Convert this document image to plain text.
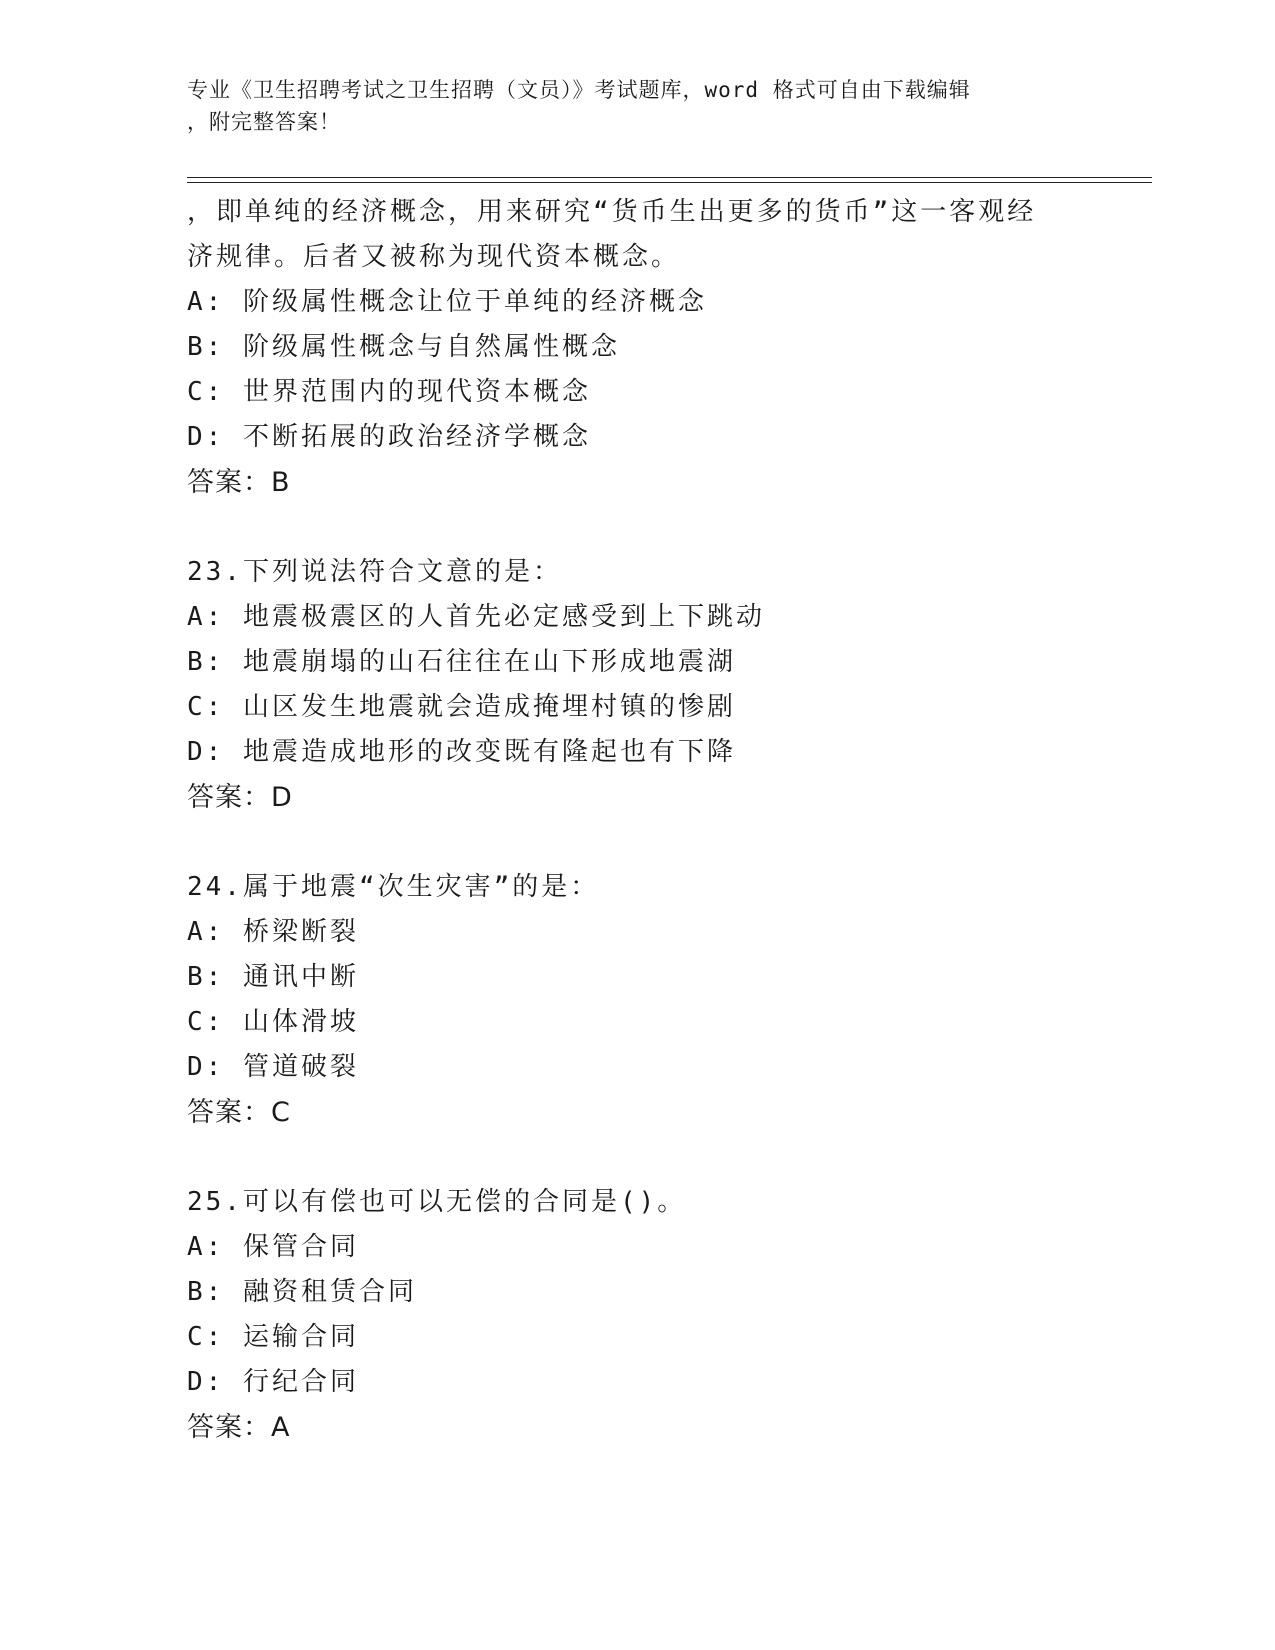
专业《卫生招聘考试之卫生招聘（文员）》考试题库，word 格式可自由下载编辑
，附完整答案！
，即单纯的经济概念，用来研究“货币生出更多的货币”这一客观经
济规律。后者又被称为现代资本概念。
A: 阶级属性概念让位于单纯的经济概念
B: 阶级属性概念与自然属性概念
C: 世界范围内的现代资本概念
D: 不断拓展的政治经济学概念
答案：B
23.下列说法符合文意的是：
A: 地震极震区的人首先必定感受到上下跳动
B: 地震崩塌的山石往往在山下形成地震湖
C: 山区发生地震就会造成掩埋村镇的惨剧
D: 地震造成地形的改变既有隆起也有下降
答案：D
24.属于地震“次生灾害”的是：
A: 桥梁断裂
B: 通讯中断
C: 山体滑坡
D: 管道破裂
答案：C
25.可以有偿也可以无偿的合同是()。
A: 保管合同
B: 融资租赁合同
C: 运输合同
D: 行纪合同
答案：A
